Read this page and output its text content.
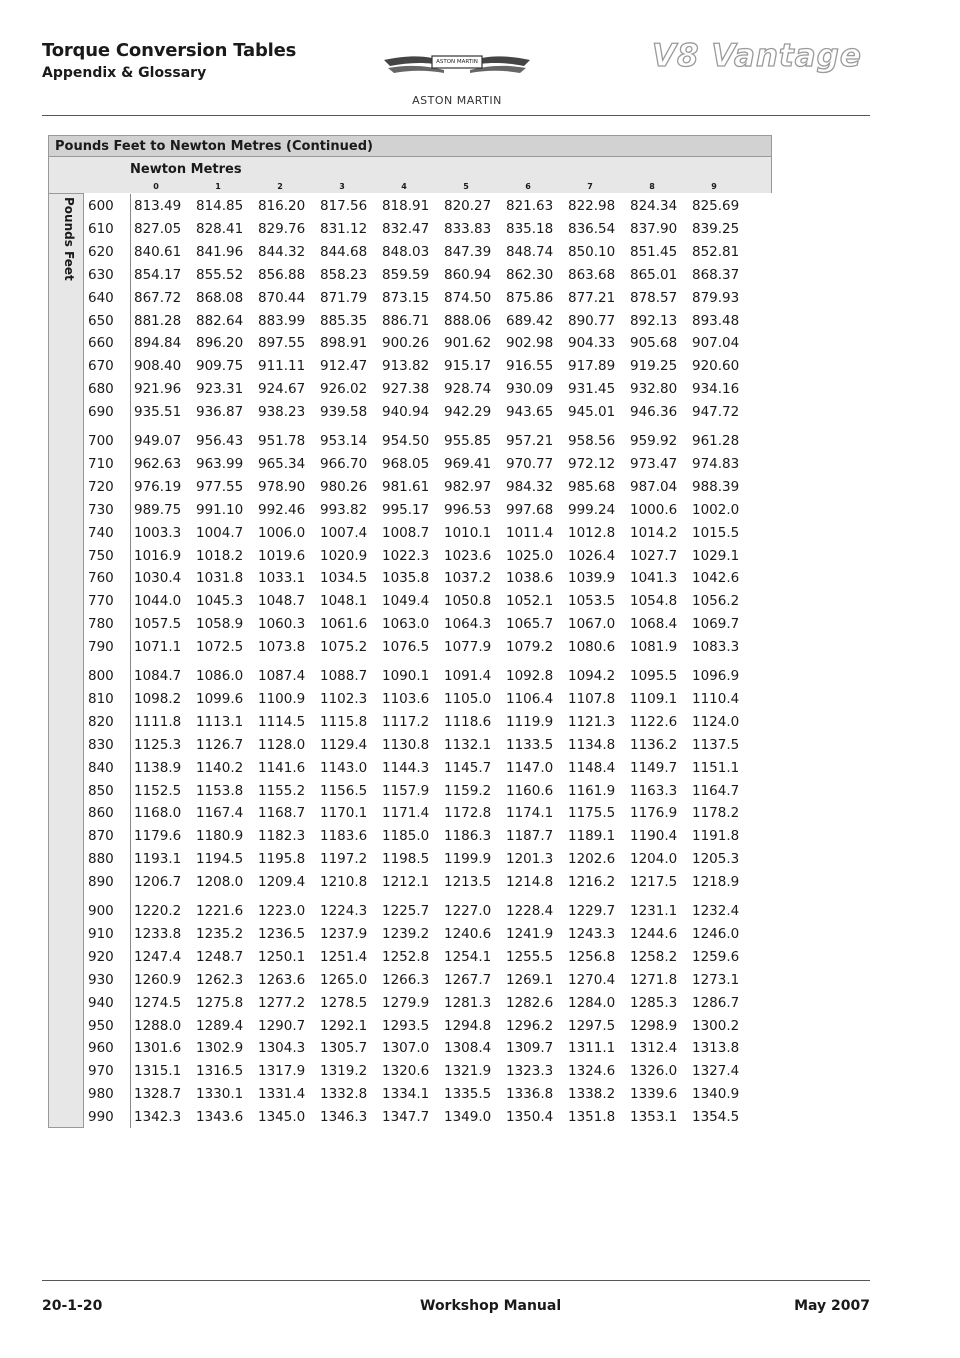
Torque Conversion Tables
Appendix & Glossary
ASTON MARTIN
ASTON MARTIN
V8 Vantage
Pounds Feet to Newton Metres (Continued)
Newton Metres
0	1	2	3	4	5	6	7	8	9
Pounds Feet 600	813.49 814.85 816.20 817.56 818.91 820.27 821.63 822.98 824.34 825.69
610	827.05 828.41 829.76 831.12 832.47 833.83 835.18 836.54 837.90 839.25
620	840.61 841.96 844.32 844.68 848.03 847.39 848.74 850.10 851.45 852.81
630	854.17 855.52 856.88 858.23 859.59 860.94 862.30 863.68 865.01 868.37
640	867.72 868.08 870.44 871.79 873.15 874.50 875.86 877.21 878.57 879.93
650	881.28 882.64 883.99 885.35 886.71 888.06 689.42 890.77 892.13 893.48
660	894.84 896.20 897.55 898.91 900.26 901.62 902.98 904.33 905.68 907.04
670	908.40 909.75 911.11 912.47 913.82 915.17 916.55 917.89 919.25 920.60
680	921.96 923.31 924.67 926.02 927.38 928.74 930.09 931.45 932.80 934.16
690	935.51 936.87 938.23 939.58 940.94 942.29 943.65 945.01 946.36 947.72
700	949.07 956.43 951.78 953.14 954.50 955.85 957.21 958.56 959.92 961.28
710	962.63 963.99 965.34 966.70 968.05 969.41 970.77 972.12 973.47 974.83
720	976.19 977.55 978.90 980.26 981.61 982.97 984.32 985.68 987.04 988.39
730	989.75 991.10 992.46 993.82 995.17 996.53 997.68 999.24 1000.6 1002.0
740	1003.3 1004.7 1006.0 1007.4 1008.7 1010.1 1011.4 1012.8 1014.2 1015.5
750	1016.9 1018.2 1019.6 1020.9 1022.3 1023.6 1025.0 1026.4 1027.7 1029.1
760	1030.4 1031.8 1033.1 1034.5 1035.8 1037.2 1038.6 1039.9 1041.3 1042.6
770	1044.0 1045.3 1048.7 1048.1 1049.4 1050.8 1052.1 1053.5 1054.8 1056.2
780	1057.5 1058.9 1060.3 1061.6 1063.0 1064.3 1065.7 1067.0 1068.4 1069.7
790	1071.1 1072.5 1073.8 1075.2 1076.5 1077.9 1079.2 1080.6 1081.9 1083.3
800	1084.7 1086.0 1087.4 1088.7 1090.1 1091.4 1092.8 1094.2 1095.5 1096.9
810	1098.2 1099.6 1100.9 1102.3 1103.6 1105.0 1106.4 1107.8 1109.1 1110.4
820	1111.8 1113.1 1114.5 1115.8 1117.2 1118.6 1119.9 1121.3 1122.6 1124.0
830	1125.3 1126.7 1128.0 1129.4 1130.8 1132.1 1133.5 1134.8 1136.2 1137.5
840	1138.9 1140.2 1141.6 1143.0 1144.3 1145.7 1147.0 1148.4 1149.7 1151.1
850	1152.5 1153.8 1155.2 1156.5 1157.9 1159.2 1160.6 1161.9 1163.3 1164.7
860	1168.0 1167.4 1168.7 1170.1 1171.4 1172.8 1174.1 1175.5 1176.9 1178.2
870	1179.6 1180.9 1182.3 1183.6 1185.0 1186.3 1187.7 1189.1 1190.4 1191.8
880	1193.1 1194.5 1195.8 1197.2 1198.5 1199.9 1201.3 1202.6 1204.0 1205.3
890	1206.7 1208.0 1209.4 1210.8 1212.1 1213.5 1214.8 1216.2 1217.5 1218.9
900	1220.2 1221.6 1223.0 1224.3 1225.7 1227.0 1228.4 1229.7 1231.1 1232.4
910	1233.8 1235.2 1236.5 1237.9 1239.2 1240.6 1241.9 1243.3 1244.6 1246.0
920	1247.4 1248.7 1250.1 1251.4 1252.8 1254.1 1255.5 1256.8 1258.2 1259.6
930	1260.9 1262.3 1263.6 1265.0 1266.3 1267.7 1269.1 1270.4 1271.8 1273.1
940	1274.5 1275.8 1277.2 1278.5 1279.9 1281.3 1282.6 1284.0 1285.3 1286.7
950	1288.0 1289.4 1290.7 1292.1 1293.5 1294.8 1296.2 1297.5 1298.9 1300.2
960	1301.6 1302.9 1304.3 1305.7 1307.0 1308.4 1309.7 1311.1 1312.4 1313.8
970	1315.1 1316.5 1317.9 1319.2 1320.6 1321.9 1323.3 1324.6 1326.0 1327.4
980	1328.7 1330.1 1331.4 1332.8 1334.1 1335.5 1336.8 1338.2 1339.6 1340.9
990	1342.3 1343.6 1345.0 1346.3 1347.7 1349.0 1350.4 1351.8 1353.1 1354.5
20-1-20	Workshop Manual	May 2007
